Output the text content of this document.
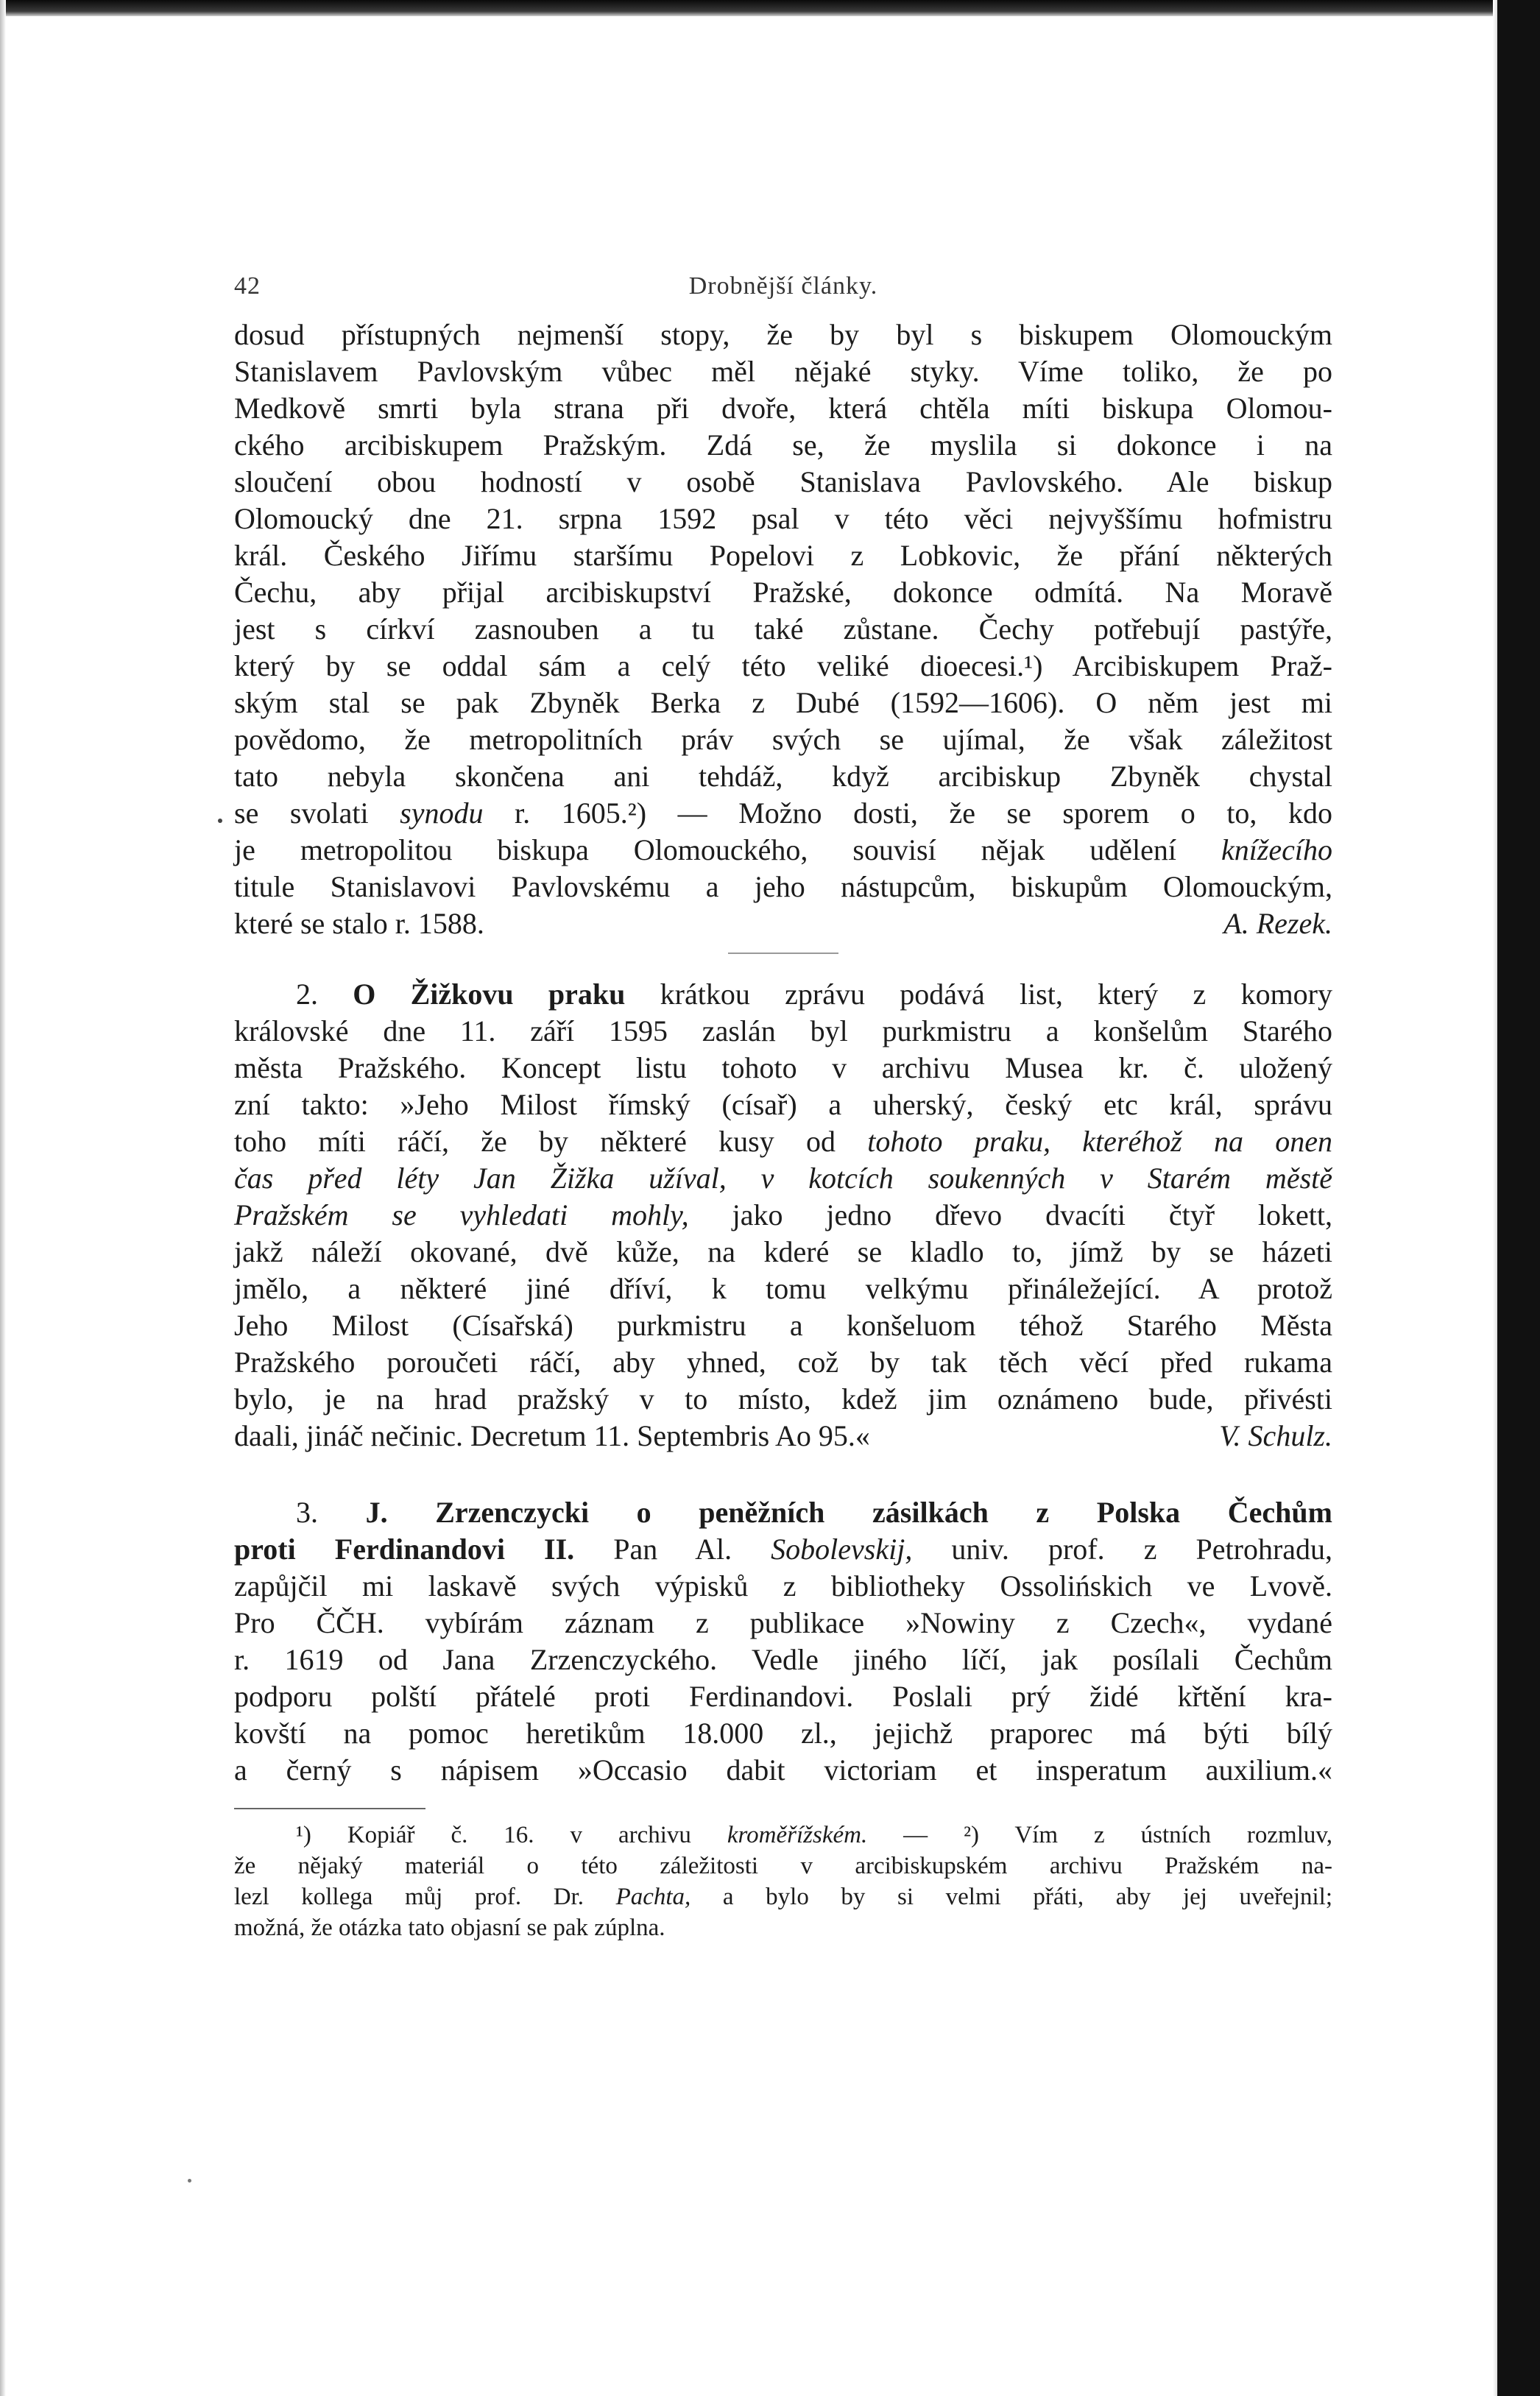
42	Drobnější články.
dosud přístupných nejmenší stopy, že by byl s biskupem Olomouckým
Stanislavem Pavlovským vůbec měl nějaké styky. Víme toliko, že po
Medkově smrti byla strana při dvoře, která chtěla míti biskupa Olomou-
ckého arcibiskupem Pražským. Zdá se, že myslila si dokonce i na
sloučení obou hodností v osobě Stanislava Pavlovského. Ale biskup
Olomoucký dne 21. srpna 1592 psal v této věci nejvyššímu hofmistru
král. Českého Jiřímu staršímu Popelovi z Lobkovic, že přání některých
Čechu, aby přijal arcibiskupství Pražské, dokonce odmítá. Na Moravě
jest s církví zasnouben a tu také zůstane. Čechy potřebují pastýře,
který by se oddal sám a celý této veliké dioecesi.¹) Arcibiskupem Praž-
ským stal se pak Zbyněk Berka z Dubé (1592—1606). O něm jest mi
povědomo, že metropolitních práv svých se ujímal, že však záležitost
tato nebyla skončena ani tehdáž, když arcibiskup Zbyněk chystal
se svolati synodu r. 1605.²) — Možno dosti, že se sporem o to, kdo
je metropolitou biskupa Olomouckého, souvisí nějak udělení knížecího
titule Stanislavovi Pavlovskému a jeho nástupcům, biskupům Olomouckým,
které se stalo r. 1588.	A. Rezek.
2. O Žižkovu praku krátkou zprávu podává list, který z komory
královské dne 11. září 1595 zaslán byl purkmistru a konšelům Starého
města Pražského. Koncept listu tohoto v archivu Musea kr. č. uložený
zní takto: »Jeho Milost římský (císař) a uherský, český etc král, správu
toho míti ráčí, že by některé kusy od tohoto praku, kteréhož na onen
čas před léty Jan Žižka užíval, v kotcích soukenných v Starém městě
Pražském se vyhledati mohly, jako jedno dřevo dvacíti čtyř lokett,
jakž náleží okované, dvě kůže, na kderé se kladlo to, jímž by se házeti
jmělo, a některé jiné dříví, k tomu velkýmu přináležející. A protož
Jeho Milost (Císařská) purkmistru a konšeluom téhož Starého Města
Pražského poroučeti ráčí, aby yhned, což by tak těch věcí před rukama
bylo, je na hrad pražský v to místo, kdež jim oznámeno bude, přivésti
daali, jináč nečinic. Decretum 11. Septembris Ao 95.«	V. Schulz.
3. J. Zrzenczycki o peněžních zásilkách z Polska Čechům
proti Ferdinandovi II. Pan Al. Sobolevskij, univ. prof. z Petrohradu,
zapůjčil mi laskavě svých výpisků z bibliotheky Ossolińskich ve Lvově.
Pro ČČH. vybírám záznam z publikace »Nowiny z Czech«, vydané
r. 1619 od Jana Zrzenczyckého. Vedle jiného líčí, jak posílali Čechům
podporu polští přátelé proti Ferdinandovi. Poslali prý židé křtění kra-
kovští na pomoc heretikům 18.000 zl., jejichž praporec má býti bílý
a černý s nápisem »Occasio dabit victoriam et insperatum auxilium.«
¹) Kopiář č. 16. v archivu kroměřížském. — ²) Vím z ústních rozmluv,
že nějaký materiál o této záležitosti v arcibiskupském archivu Pražském na-
lezl kollega můj prof. Dr. Pachta, a bylo by si velmi přáti, aby jej uveřejnil;
možná, že otázka tato objasní se pak zúplna.
